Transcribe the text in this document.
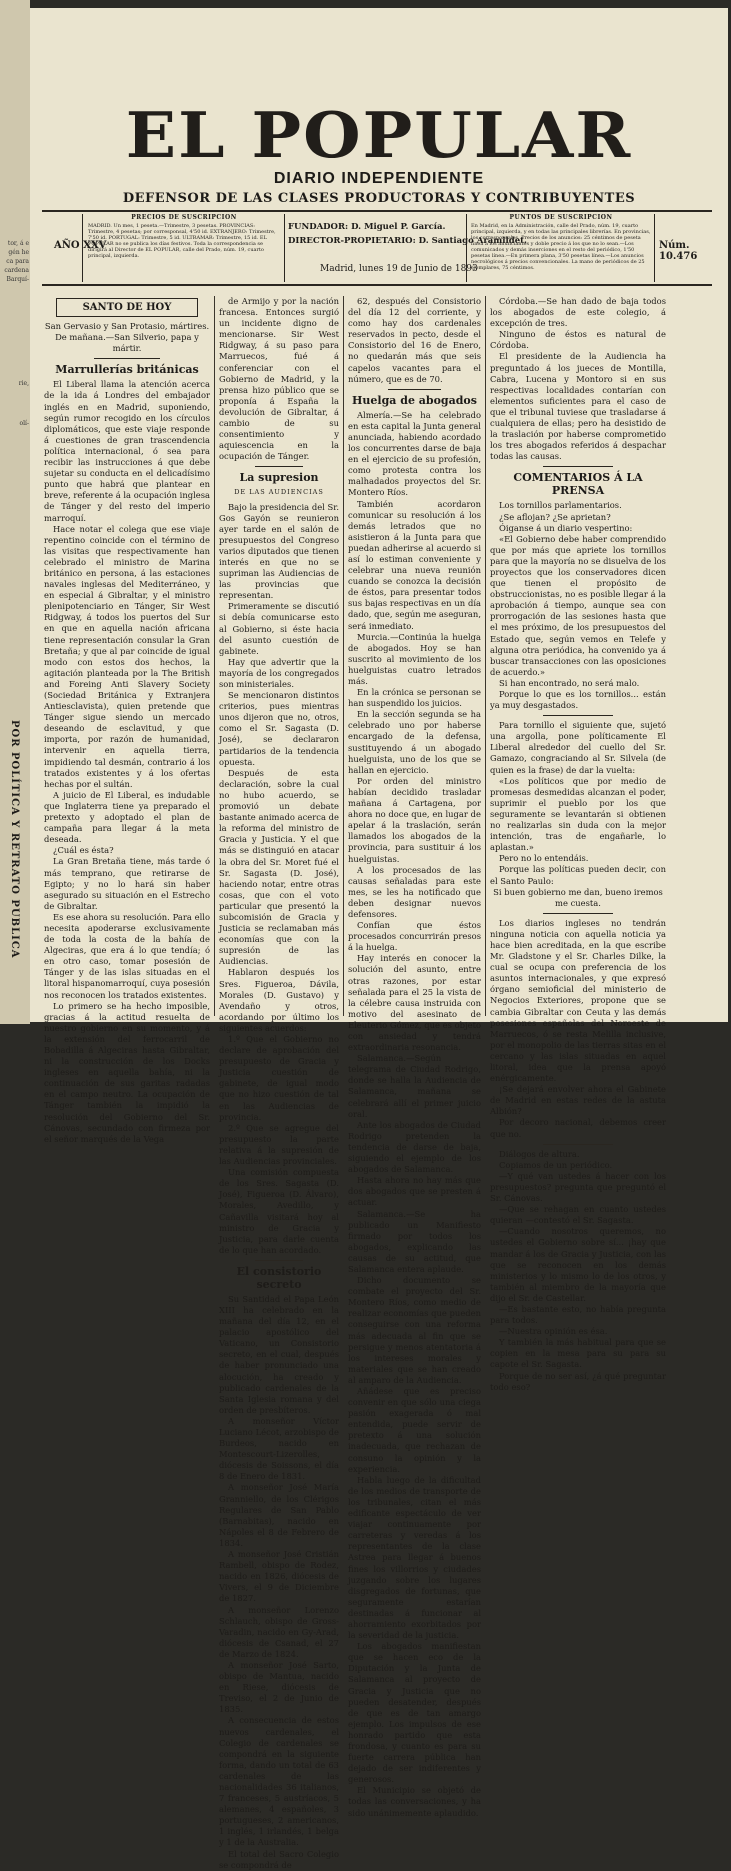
tor, á e
gén he
ca para
cardena
Barquí-
rie,
olí-
POR POLÍTICA Y RETRATO PUBLICA
EL POPULAR
DIARIO INDEPENDIENTE
DEFENSOR DE LAS CLASES PRODUCTORAS Y CONTRIBUYENTES
AÑO XXV
PRECIOS DE SUSCRIPCION
MADRID. Un mes, 1 peseta.—Trimestre, 3 pesetas. PROVINCIAS: Trimestre, 4 pesetas; por corresponsal, 4'50 id. EXTRANJERO: Trimestre, 7'50 id. PORTUGAL: Trimestre, 5 id. ULTRAMAR: Trimestre, 15 id. EL POPULAR no se publica los días festivos. Toda la correspondencia se dirigirá al Director de EL POPULAR, calle del Prado, núm. 19, cuarto principal, izquierda.
FUNDADOR: D. Miguel P. García.
DIRECTOR-PROPIETARIO: D. Santiago Aramildet.
Madrid, lunes 19 de Junio de 1893
PUNTOS DE SUSCRIPCION
En Madrid, en la Administración, calle del Prado, núm. 19, cuarto principal, izquierda, y en todas las principales librerías. En provincias, los corresponsales. Precios de los anuncios: 25 céntimos de peseta línea á los anunciantes y doble precio á los que no lo sean.—Los comunicados y demás inserciones en el resto del periódico, 1'50 pesetas línea.—En primera plana, 3'50 pesetas línea.—Los anuncios necrológicos á precios convencionales. La mano de periódicos de 25 ejemplares, 75 céntimos.
Núm. 10.476
SANTO DE HOY

San Gervasio y San Protasio, mártires.

De mañana.—San Silverio, papa y mártir.

Marrullerías británicas

El Liberal llama la atención acerca de la ida á Londres del embajador inglés en en Madrid, suponiendo, según rumor recogido en los círculos diplomáticos, que este viaje responde á cuestiones de gran trascendencia política internacional, ó sea para recibir las instrucciones á que debe sujetar su conducta en el delicadísimo punto que habrá que plantear en breve, referente á la ocupación inglesa de Tánger y del resto del imperio marroquí.

Hace notar el colega que ese viaje repentino coincide con el término de las visitas que respectivamente han celebrado el ministro de Marina británico en persona, á las estaciones navales inglesas del Mediterráneo, y en especial á Gibraltar, y el ministro plenipotenciario en Tánger, Sir West Ridgway, á todos los puertos del Sur en que en aquella nación africana tiene representación consular la Gran Bretaña; y que al par coincide de igual modo con estos dos hechos, la agitación planteada por la The British and Foreing Anti Slavery Society (Sociedad Británica y Extranjera Antiesclavista), quien pretende que Tánger sigue siendo un mercado deseando de esclavitud, y que importa, por razón de humanidad, intervenir en aquella tierra, impidiendo tal desmán, contrario á los tratados existentes y á los ofertas hechas por el sultán.

A juicio de El Liberal, es indudable que Inglaterra tiene ya preparado el pretexto y adoptado el plan de campaña para llegar á la meta deseada.

¿Cuál es ésta?

La Gran Bretaña tiene, más tarde ó más temprano, que retirarse de Egipto; y no lo hará sin haber asegurado su situación en el Estrecho de Gibraltar.

Es ese ahora su resolución. Para ello necesita apoderarse exclusivamente de toda la costa de la bahía de Algeciras, que era á lo que tendía; ó en otro caso, tomar posesión de Tánger y de las islas situadas en el litoral hispanomarroquí, cuya posesión nos reconocen los tratados existentes.

Lo primero se ha hecho imposible, gracias á la actitud resuelta de nuestro gobierno en su momento, y á la extensión del ferrocarril de Bobadilla á Algeciras hasta Gibraltar, ni la construcción de los Docks ingleses en aquella bahía, ni la continuación de sus garitas radadas en el campo neutro. La ocupación de Tánger también la impidió la resolución del Gobierno del Sr. Cánovas, secundado con firmeza por el señor marqués de la Vega

de Armijo y por la nación francesa. Entonces surgió un incidente digno de mencionarse. Sir West Ridgway, á su paso para Marruecos, fué á conferenciar con el Gobierno de Madrid, y la prensa hizo público que se proponía á España la devolución de Gibraltar, á cambio de su consentimiento y aquiescencia en la ocupación de Tánger.

La supresion
DE LAS AUDIENCIAS

Bajo la presidencia del Sr. Gos Gayón se reunieron ayer tarde en el salón de presupuestos del Congreso varios diputados que tienen interés en que no se supriman las Audiencias de las provincias que representan.

Primeramente se discutió si debía comunicarse esto al Gobierno, si éste hacia del asunto cuestión de gabinete.

Hay que advertir que la mayoría de los congregados son ministeriales.

Se mencionaron distintos criterios, pues mientras unos dijeron que no, otros, como el Sr. Sagasta (D. José), se declararon partidarios de la tendencia opuesta.

Después de esta declaración, sobre la cual no hubo acuerdo, se promovió un debate bastante animado acerca de la reforma del ministro de Gracia y Justicia. Y el que más se distinguió en atacar la obra del Sr. Moret fué el Sr. Sagasta (D. José), haciendo notar, entre otras cosas, que con el voto particular que presentó la subcomisión de Gracia y Justicia se reclamaban más economías que con la supresión de las Audiencias.

Hablaron después los Sres. Figueroa, Dávila, Morales (D. Gustavo) y Avendaño y otros, acordando por último los siguientes acuerdos:

1.º Que el Gobierno no declare de aprobación del presupuesto de Gracia y Justicia cuestión de gabinete, de igual modo que no hizo cuestión de tal en las Audiencias de provincia.

2.º Que se agregue del presupuesto la parte relativa á la supresión de las Audiencias provinciales.

Una comisión compuesta de los Sres. Sagasta (D. José), Figueroa (D. Álvaro), Morales, Avedillo, y Cañavilla visitará hoy al ministro de Gracia y Justicia, para darle cuenta de lo que han acordado.

El consistorio secreto

Su Santidad el Papa León XIII ha celebrado en la mañana del día 12, en el palacio apostólico del Vaticano, un Consistorio secreto, en el cual, después de haber pronunciado una alocución, ha creado y publicado cardenales de la Santa Iglesia romana y del orden de presbíteros.

A monseñor Víctor Luciano Lécot, arzobispo de Burdeos, nacido en Montescourt-Lizerolles, diócesis de Soissons, el día 8 de Enero de 1831.

A monseñor José María Granniello, de los Clérigos Regulares de San Pablo (Barnabitas), nacido en Nápoles el 8 de Febrero de 1834.

A monseñor José Cristián Rambell, obispo de Rodez, nacido en 1826, diócesis de Vivers, el 9 de Diciembre de 1827.

A monseñor Lorenzo Schlauch, obispo de Gross-Varadin, nacido en Gy-Arad, diócesis de Csanad, el 27 de Marzo de 1824.

A monseñor José Sarto, obispo de Mantua, nacido en Riese, diócesis de Treviso, el 2 de Junio de 1835.

A consecuencia de estos nuevos cardenales, el Colegio de cardenales se compondrá en la siguiente forma, dando un total de 63 cardenales de las nacionalidades 36 italianos, 7 franceses, 5 austríacos, 5 alemanes, 4 españoles, 3 portugueses, 2 americanos, 1 inglés, 1 irlandés, 1 belga y 1 de la Australia.

El total del Sacro Colegio se compondrá de

62, después del Consistorio del día 12 del corriente, y como hay dos cardenales reservados in pecto, desde el Consistorio del 16 de Enero, no quedarán más que seis capelos vacantes para el número, que es de 70.

Huelga de abogados

Almería.—Se ha celebrado en esta capital la Junta general anunciada, habiendo acordado los concurrentes darse de baja en el ejercicio de su profesión, como protesta contra los malhadados proyectos del Sr. Montero Ríos.

También acordaron comunicar su resolución á los demás letrados que no asistieron á la Junta para que puedan adherirse al acuerdo si así lo estiman conveniente y celebrar una nueva reunión cuando se conozca la decisión de éstos, para presentar todos sus bajas respectivas en un día dado, que, según me aseguran, será inmediato.

Murcia.—Continúa la huelga de abogados. Hoy se han suscrito al movimiento de los huelguistas cuatro letrados más.

En la crónica se personan se han suspendido los juicios.

En la sección segunda se ha celebrado uno por haberse encargado de la defensa, sustituyendo á un abogado huelguista, uno de los que se hallan en ejercicio.

Por orden del ministro habían decidido trasladar mañana á Cartagena, por ahora no doce que, en lugar de apelar á la traslación, serán llamados los abogados de la provincia, para sustituir á los huelguistas.

A los procesados de las causas señaladas para este mes, se les ha notificado que deben designar nuevos defensores.

Confían que éstos procesados concurrirán presos á la huelga.

Hay interés en conocer la solución del asunto, entre otras razones, por estar señalada para el 25 la vista de la célebre causa instruida con motivo del asesinato de Eleuterio Gómez, que es objeto con ansiedad y tendrá extraordinaria resonancia.

Salamanca.—Según telegrama de Ciudad Rodrigo, donde se halla la Audiencia de Salamanca, mañana se celebrará allí el primer juicio oral.

Ante los abogados de Ciudad Rodrigo pretenden la tendencia de darse de baja, siguiendo el ejemplo de los abogados de Salamanca.

Hasta ahora no hay más que dos abogados que se presten á actuar.

Salamanca.—Se ha publicado un Manifiesto firmado por todos los abogados, explicando las causas de su actitud, que Salamanca entera aplaude.

Dicho documento se combate el proyecto del Sr. Montero Ríos, como medio de realizar economías que pueden conseguirse con una reforma más adecuada al fin que se persigue y menos atentatoria á los intereses morales y materiales que se han creado al amparo de la Audiencia.

Añádese que es preciso convenir en que sólo una ciega pasión exagerada ó mal entendida, puede servir de pretexto á una solución inadecuada, que rechazan de consuno la opinión y la experiencia.

Habla luego de la dificultad de los medios de transporte de los tribunales, citan el más edificante espectáculo de ver viajar continuamente por carreteras y veredas á los representantes de la clase Astrea para llegar á buenos fines los villorrios y ciudades juzgando sobre los lugares disgregados de fortunas, que seguramente estarían destinadas á funcionar al ahorramiento exorbitados por la severidad de la justicia.

Los abogados manifiestan que se hacen eco de la Diputación y la Junta de Salamanca al proyecto de Gracia y Justicia que no pueden desatender, después de que es de tan amargo ejemplo. Los impulsos de ese honrado partido que esta frondosa, y cuanto es para su fuerte carrera pública han dejado de ser indiferentes y generosos.

El Municipio se objetó de todas las conversaciones, y ha sido unánimemente aplaudido.

Córdoba.—Se han dado de baja todos los abogados de este colegio, á excepción de tres.

Ninguno de éstos es natural de Córdoba.

El presidente de la Audiencia ha preguntado á los jueces de Montilla, Cabra, Lucena y Montoro si en sus respectivas localidades contarían con elementos suficientes para el caso de que el tribunal tuviese que trasladarse á cualquiera de ellas; pero ha desistido de la traslación por haberse comprometido los tres abogados referidos á despachar todas las causas.

COMENTARIOS Á LA PRENSA

Los tornillos parlamentarios.

¿Se aflojan? ¿Se aprietan?

Óiganse á un diario vespertino:

«El Gobierno debe haber comprendido que por más que apriete los tornillos para que la mayoría no se disuelva de los proyectos que los conservadores dicen que tienen el propósito de obstruccionistas, no es posible llegar á la aprobación á tiempo, aunque sea con prorrogación de las sesiones hasta que el mes próximo, de los presupuestos del Estado que, según vemos en Telefe y alguna otra periódica, ha convenido ya á buscar transacciones con las oposiciones de acuerdo.»

Si han encontrado, no será malo.

Porque lo que es los tornillos... están ya muy desgastados.

Para tornillo el siguiente que, sujetó una argolla, pone políticamente El Liberal alrededor del cuello del Sr. Gamazo, congraciando al Sr. Silvela (de quien es la frase) de dar la vuelta:

«Los políticos que por medio de promesas desmedidas alcanzan el poder, suprimir el pueblo por los que seguramente se levantarán si obtienen no realizarlas sin duda con la mejor intención, tras de engañarle, lo aplastan.»

Pero no lo entendáis.

Porque las políticas pueden decir, con el Santo Paulo:

Si buen gobierno me dan, bueno iremos me cuesta.

Los diarios ingleses no tendrán ninguna noticia con aquella noticia ya hace bien acreditada, en la que escribe Mr. Gladstone y el Sr. Charles Dilke, la cual se ocupa con preferencia de los asuntos internacionales, y que expresó órgano semioficial del ministerio de Negocios Exteriores, propone que se cambia Gibraltar con Ceuta y las demás posesiones españolas del Noroeste de Marruecos, ó se resta Melilla inclusive, por el monopolio de las tierras sitas en el cercano y las islas situadas en aquel litoral, idea que la prensa apoyó enérgicamente.

¡Se dejará envolver ahora el Gabinete de Madrid en estas redes de la astuta Albión?

Por decoro nacional, debemos creer que no.

Diálogos de altura.

Copiamos de un periódico.

—Y qué van ustedes á hacer con los presupuestos? pregunta que preguntó el Sr. Cánovas.

—Que se rehagan en cuanto ustedes quieran —contestó el Sr. Sagasta.

—Cuando nosotros queremos, no ustedes el Gobierno sobre sí... ¡hay que mandar á los de Gracia y Justicia, con las que se reconocen en los demás ministerios y lo mismo lo de los otros, y también al miembro de la mayoría que dijo el Sr. de Castellar.

—Es bastante esto, no había pregunta para todos.

—Nuestra opinión es ésa.

Y también la más habitual para que se copien en la mesa para su para su capote el Sr. Sagasta.

Porque de no ser así, ¿á qué preguntar todo eso?
